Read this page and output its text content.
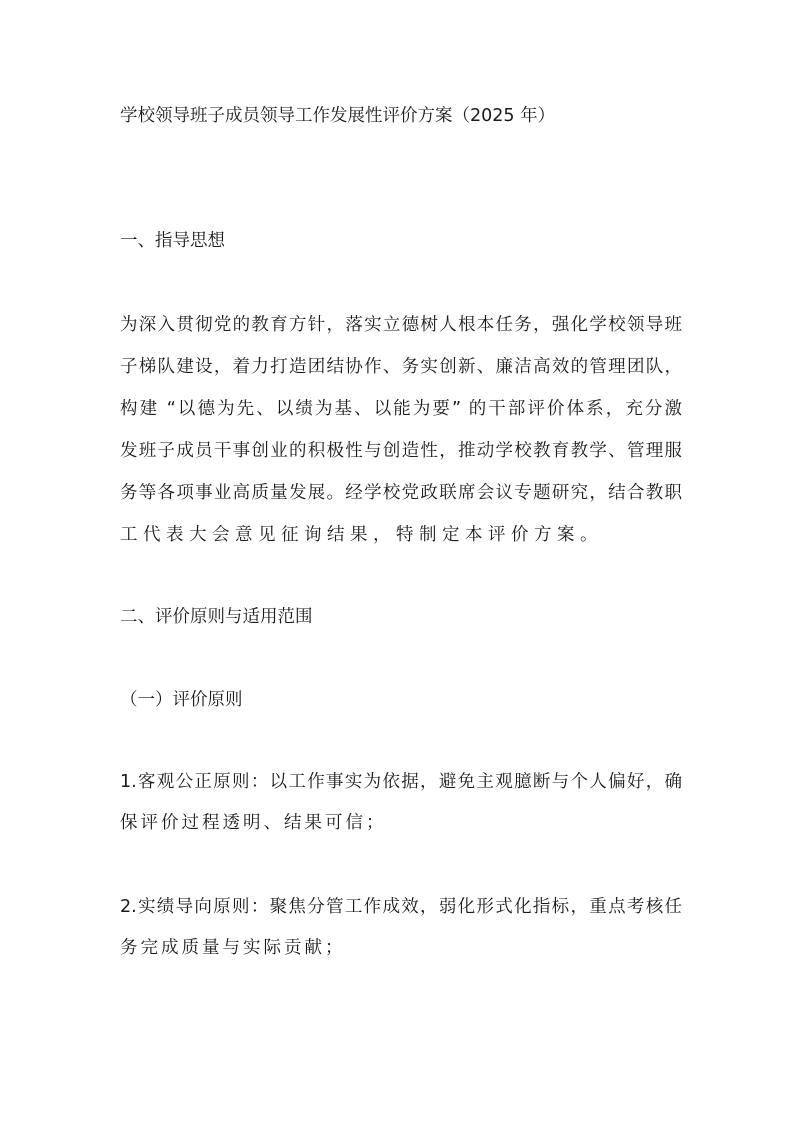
学校领导班子成员领导工作发展性评价方案（2025 年）
一、指导思想
为深入贯彻党的教育方针，落实立德树人根本任务，强化学校领导班
子梯队建设，着力打造团结协作、务实创新、廉洁高效的管理团队，
构建 “以德为先、以绩为基、以能为要” 的干部评价体系，充分激
发班子成员干事创业的积极性与创造性，推动学校教育教学、管理服
务等各项事业高质量发展。经学校党政联席会议专题研究，结合教职
工代表大会意见征询结果，特制定本评价方案。
二、评价原则与适用范围
（一）评价原则
1.客观公正原则：以工作事实为依据，避免主观臆断与个人偏好，确
保评价过程透明、结果可信；
2.实绩导向原则：聚焦分管工作成效，弱化形式化指标，重点考核任
务完成质量与实际贡献；
